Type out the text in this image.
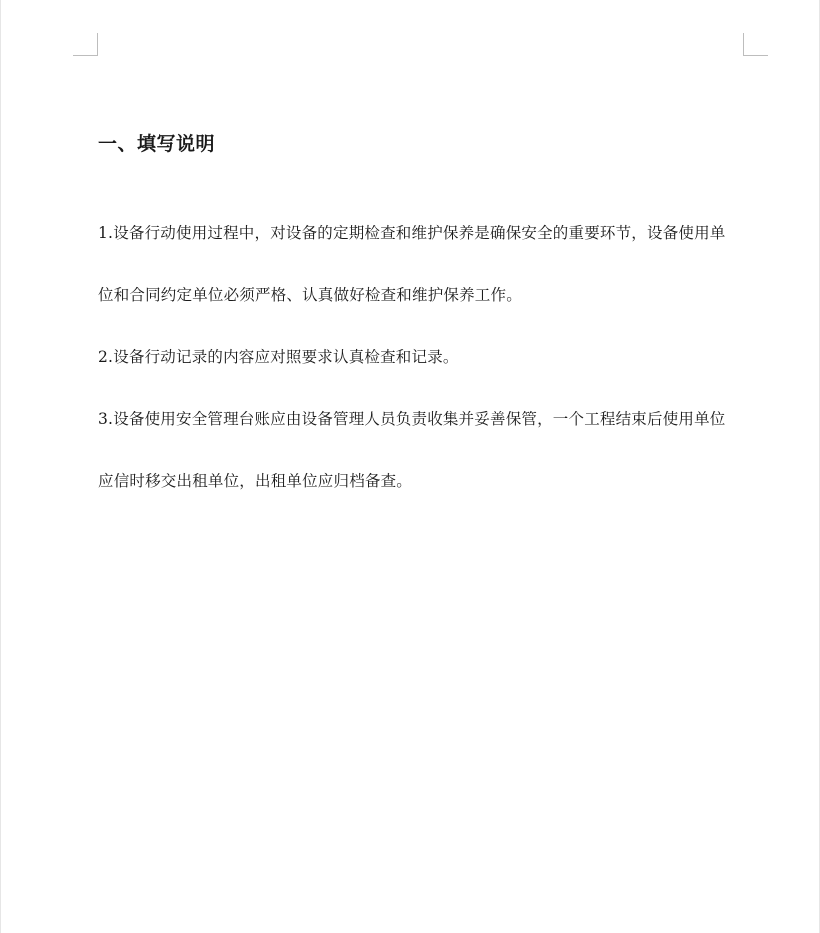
一、填写说明

1.设备行动使用过程中，对设备的定期检查和维护保养是确保安全的重要环节，设备使用单

位和合同约定单位必须严格、认真做好检查和维护保养工作。

2.设备行动记录的内容应对照要求认真检查和记录。

3.设备使用安全管理台账应由设备管理人员负责收集并妥善保管，一个工程结束后使用单位

应信时移交出租单位，出租单位应归档备查。
